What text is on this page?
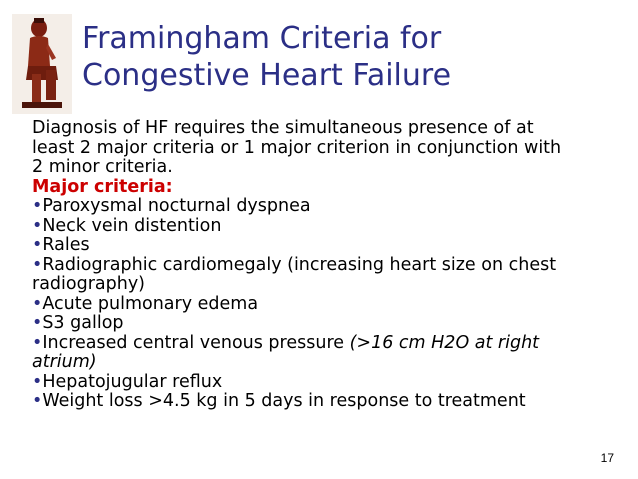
Framingham Criteria for
Congestive Heart Failure
Diagnosis of HF requires the simultaneous presence of at
least 2 major criteria or 1 major criterion in conjunction with
2 minor criteria.
Major criteria:
•Paroxysmal nocturnal dyspnea
•Neck vein distention
•Rales
•Radiographic cardiomegaly (increasing heart size on chest
radiography)
•Acute pulmonary edema
•S3 gallop
•Increased central venous pressure (>16 cm H2O at right
atrium)
•Hepatojugular reflux
•Weight loss >4.5 kg in 5 days in response to treatment
17
